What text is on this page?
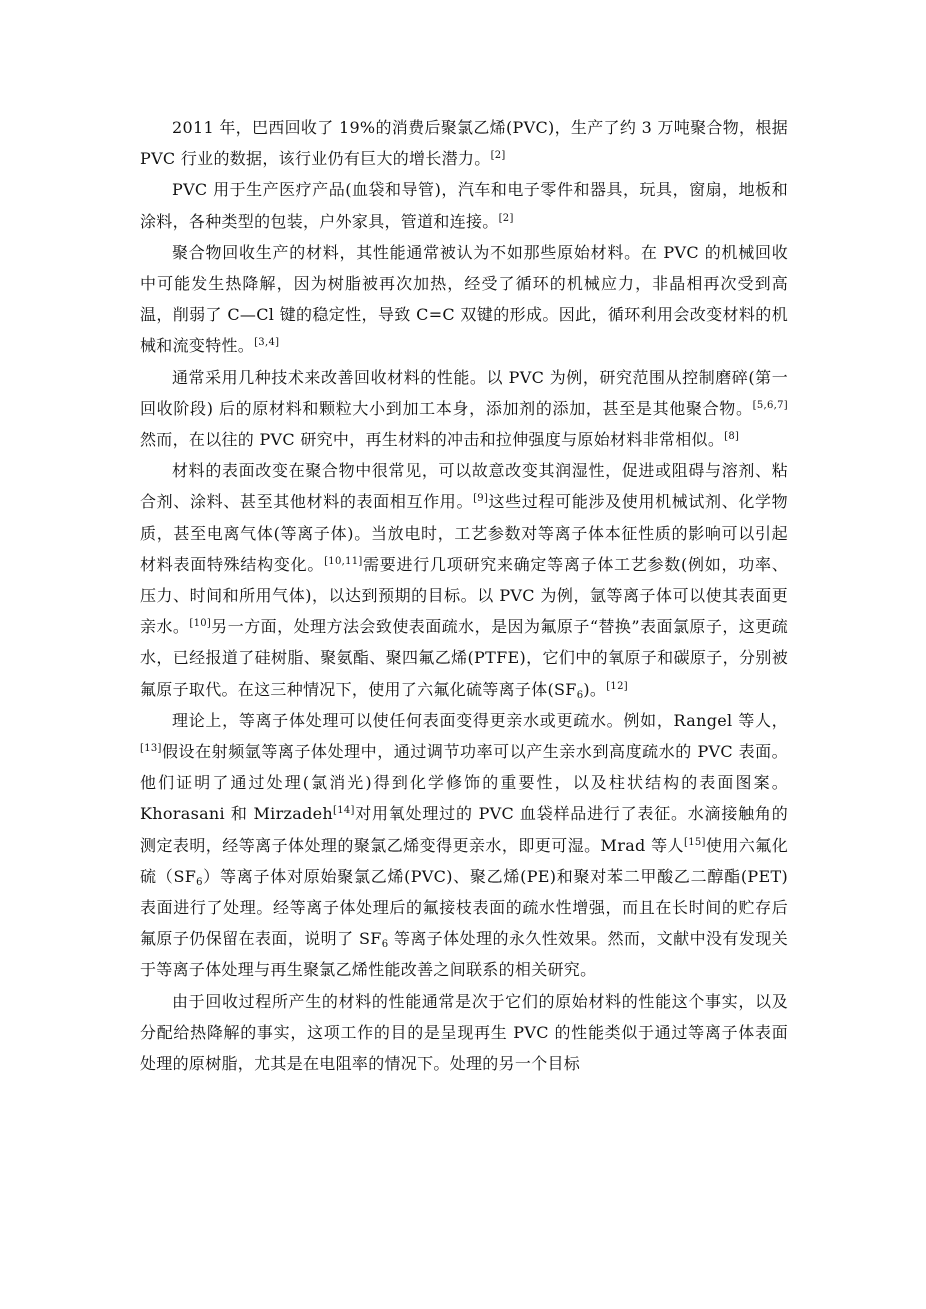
2011 年，巴西回收了 19%的消费后聚氯乙烯(PVC)，生产了约 3 万吨聚合物，根据 PVC 行业的数据，该行业仍有巨大的增长潜力。[2]

PVC 用于生产医疗产品(血袋和导管)，汽车和电子零件和器具，玩具，窗扇，地板和涂料，各种类型的包装，户外家具，管道和连接。[2]

聚合物回收生产的材料，其性能通常被认为不如那些原始材料。在 PVC 的机械回收中可能发生热降解，因为树脂被再次加热，经受了循环的机械应力，非晶相再次受到高温，削弱了 C—Cl 键的稳定性，导致 C=C 双键的形成。因此，循环利用会改变材料的机械和流变特性。[3,4]

通常采用几种技术来改善回收材料的性能。以 PVC 为例，研究范围从控制磨碎(第一回收阶段) 后的原材料和颗粒大小到加工本身，添加剂的添加，甚至是其他聚合物。[5,6,7]然而，在以往的 PVC 研究中，再生材料的冲击和拉伸强度与原始材料非常相似。[8]

材料的表面改变在聚合物中很常见，可以故意改变其润湿性，促进或阻碍与溶剂、粘合剂、涂料、甚至其他材料的表面相互作用。[9]这些过程可能涉及使用机械试剂、化学物质，甚至电离气体(等离子体)。当放电时，工艺参数对等离子体本征性质的影响可以引起材料表面特殊结构变化。[10,11]需要进行几项研究来确定等离子体工艺参数(例如，功率、压力、时间和所用气体)，以达到预期的目标。以 PVC 为例，氩等离子体可以使其表面更亲水。[10]另一方面，处理方法会致使表面疏水，是因为氟原子“替换”表面氯原子，这更疏水，已经报道了硅树脂、聚氨酯、聚四氟乙烯(PTFE)，它们中的氧原子和碳原子，分别被氟原子取代。在这三种情况下，使用了六氟化硫等离子体$(SF_6)$。[12]

理论上，等离子体处理可以使任何表面变得更亲水或更疏水。例如，Rangel 等人，[13]假设在射频氩等离子体处理中，通过调节功率可以产生亲水到高度疏水的 PVC 表面。他们证明了通过处理(氯消光)得到化学修饰的重要性，以及柱状结构的表面图案。Khorasani 和 Mirzadeh[14]对用氧处理过的 PVC 血袋样品进行了表征。水滴接触角的测定表明，经等离子体处理的聚氯乙烯变得更亲水，即更可湿。Mrad 等人[15]使用六氟化硫$(SF_6)$等离子体对原始聚氯乙烯(PVC)、聚乙烯(PE)和聚对苯二甲酸乙二醇酯(PET)表面进行了处理。经等离子体处理后的氟接枝表面的疏水性增强，而且在长时间的贮存后氟原子仍保留在表面，说明了 $SF_6$ 等离子体处理的永久性效果。然而，文献中没有发现关于等离子体处理与再生聚氯乙烯性能改善之间联系的相关研究。

由于回收过程所产生的材料的性能通常是次于它们的原始材料的性能这个事实，以及分配给热降解的事实，这项工作的目的是呈现再生 PVC 的性能类似于通过等离子体表面处理的原树脂，尤其是在电阻率的情况下。处理的另一个目标
